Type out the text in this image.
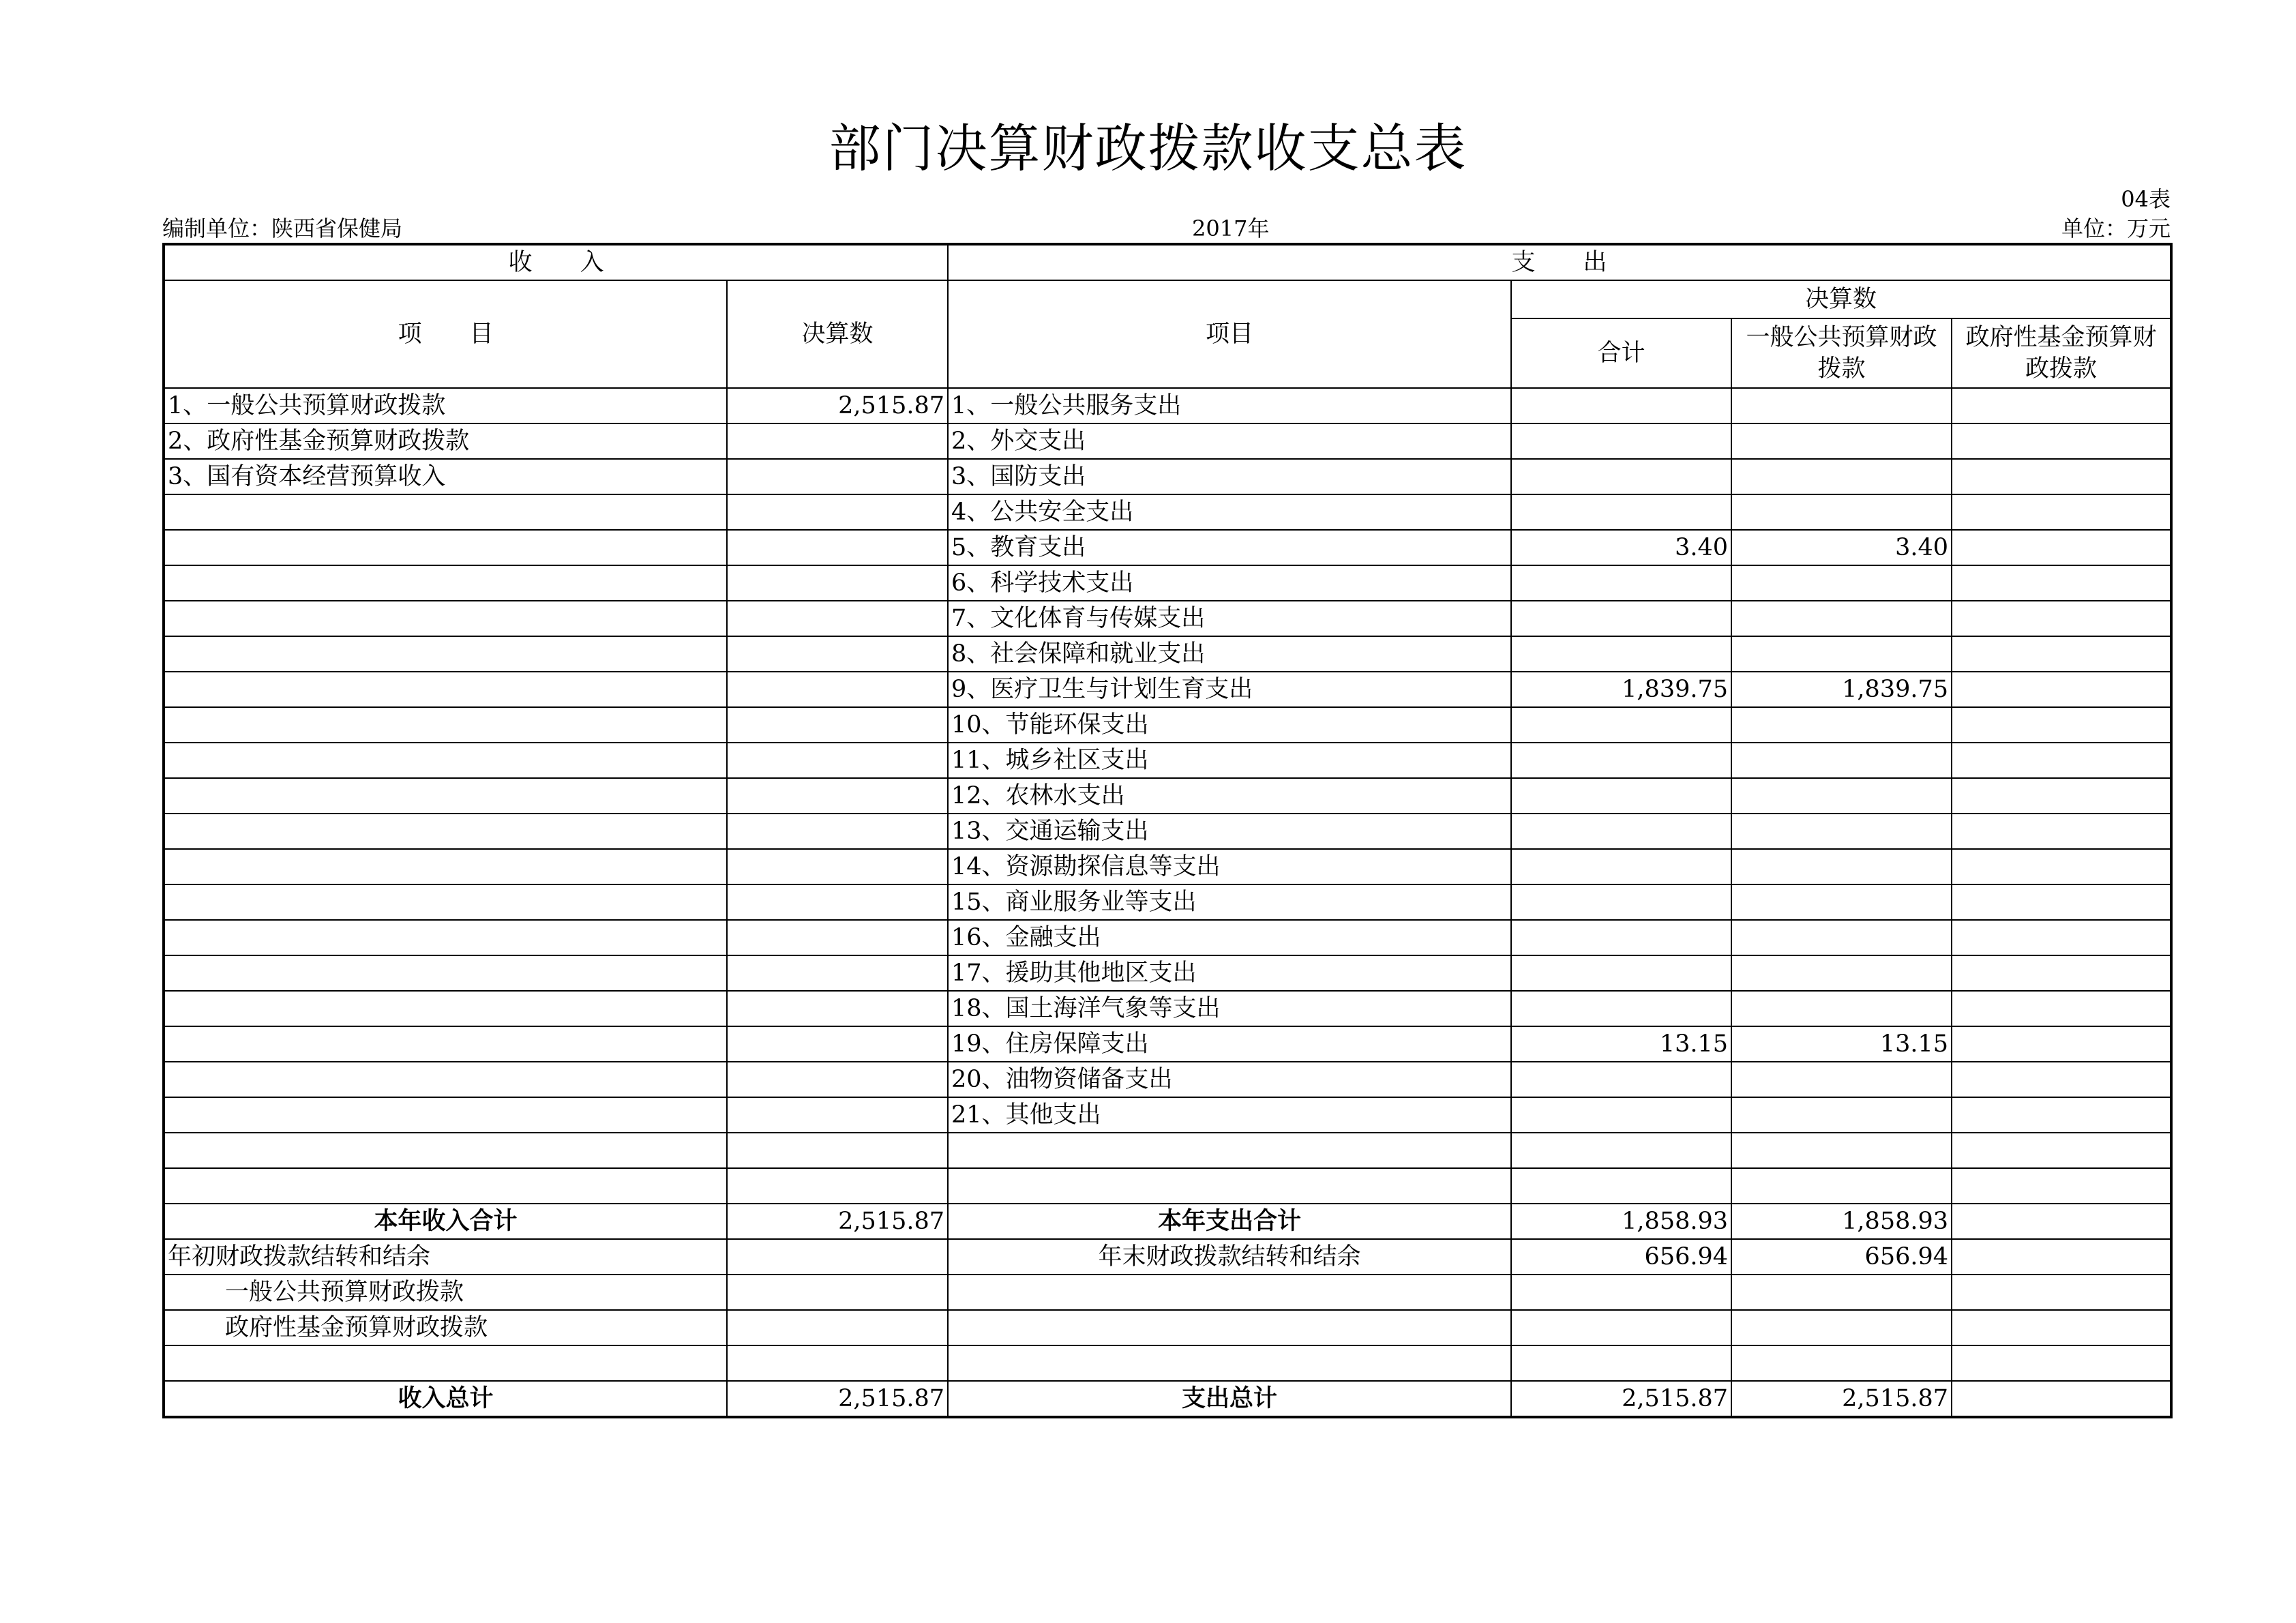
部门决算财政拨款收支总表
04表
编制单位：陕西省保健局	2017年	单位：万元
收　　入		支　　出			
项　　目	决算数	项目	决算数		
			合计	一般公共预算财政拨款	政府性基金预算财政拨款
1、一般公共预算财政拨款	2,515.87	1、一般公共服务支出			
2、政府性基金预算财政拨款		2、外交支出			
3、国有资本经营预算收入		3、国防支出			
		4、公共安全支出			
		5、教育支出	3.40	3.40	
		6、科学技术支出			
		7、文化体育与传媒支出			
		8、社会保障和就业支出			
		9、医疗卫生与计划生育支出	1,839.75	1,839.75	
		10、节能环保支出			
		11、城乡社区支出			
		12、农林水支出			
		13、交通运输支出			
		14、资源勘探信息等支出			
		15、商业服务业等支出			
		16、金融支出			
		17、援助其他地区支出			
		18、国土海洋气象等支出			
		19、住房保障支出	13.15	13.15	
		20、油物资储备支出			
		21、其他支出			

本年收入合计	2,515.87	本年支出合计	1,858.93	1,858.93	
年初财政拨款结转和结余		年末财政拨款结转和结余	656.94	656.94	
一般公共预算财政拨款					
政府性基金预算财政拨款					

收入总计	2,515.87	支出总计	2,515.87	2,515.87	
